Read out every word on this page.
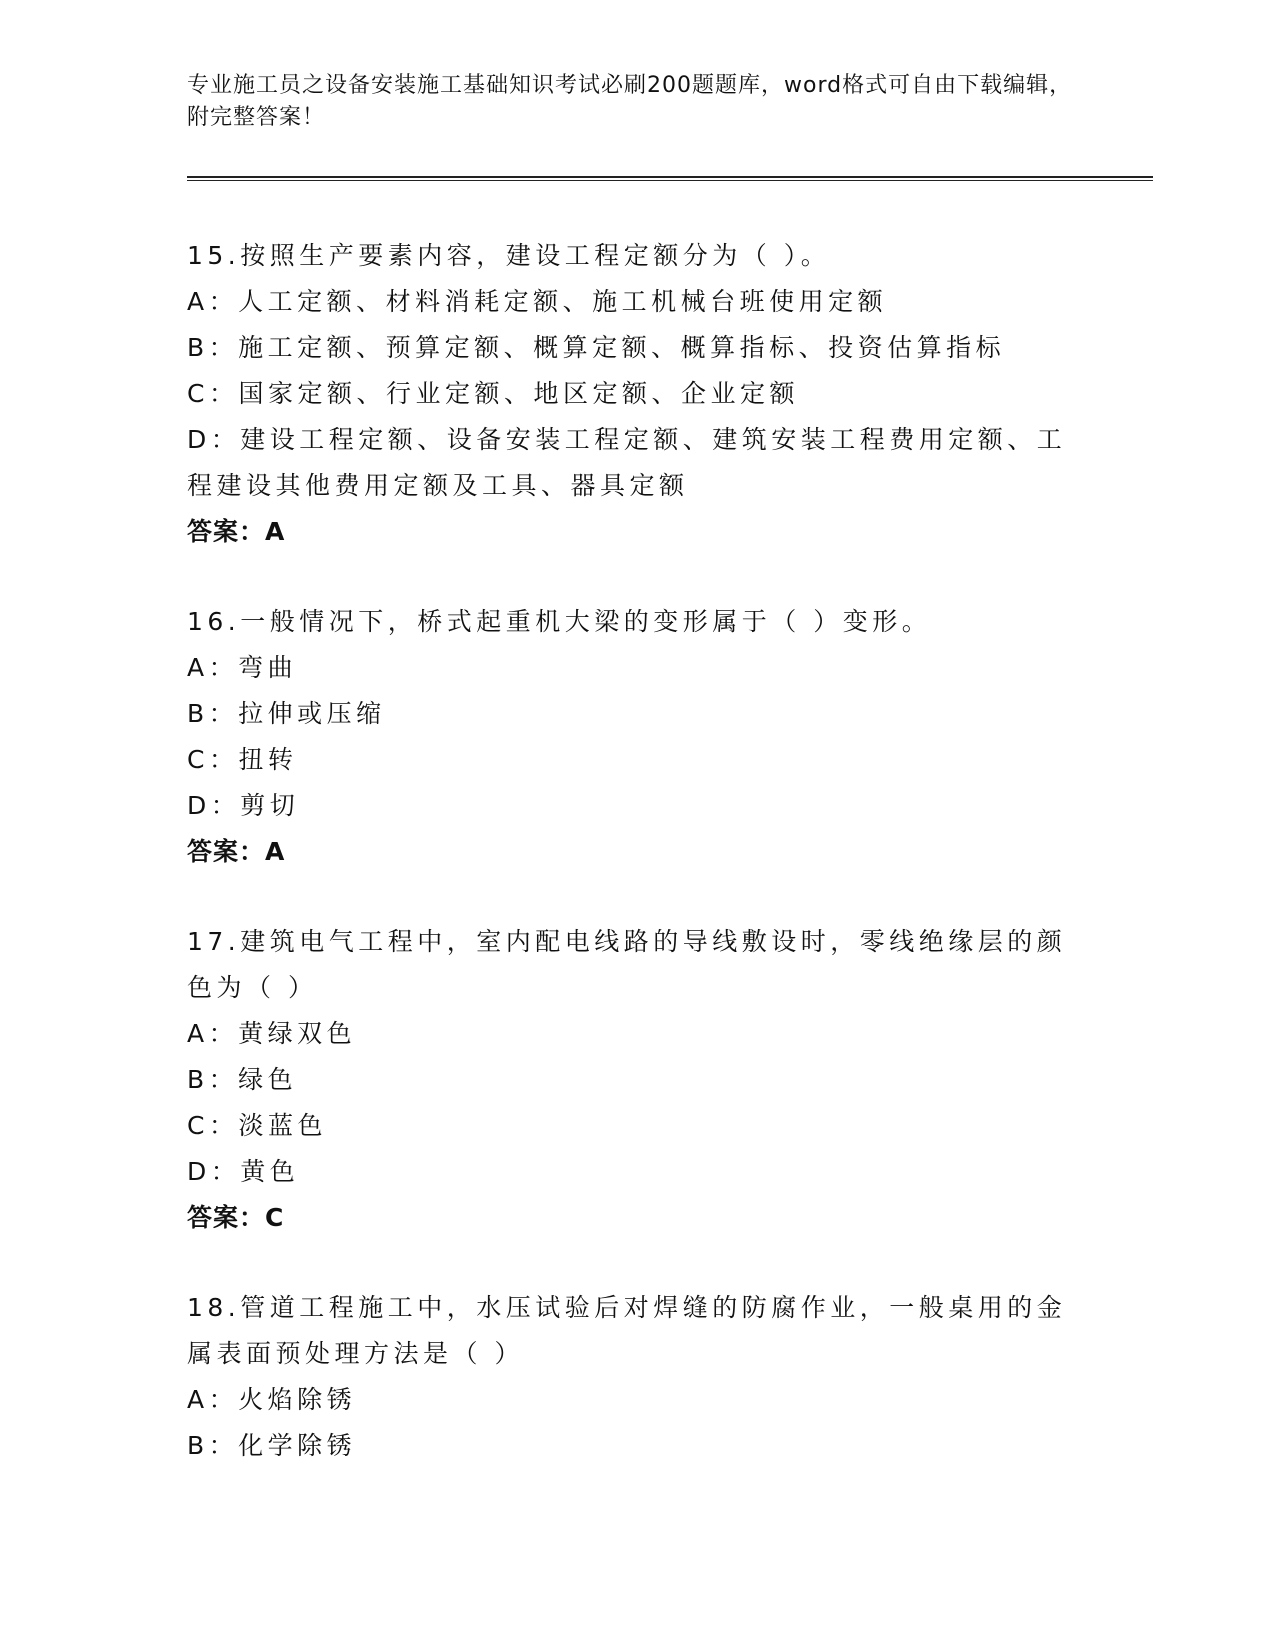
专业施工员之设备安装施工基础知识考试必刷200题题库，word格式可自由下载编辑，附完整答案！
15.按照生产要素内容，建设工程定额分为（ ）。
A：人工定额、材料消耗定额、施工机械台班使用定额
B：施工定额、预算定额、概算定额、概算指标、投资估算指标
C：国家定额、行业定额、地区定额、企业定额
D：建设工程定额、设备安装工程定额、建筑安装工程费用定额、工程建设其他费用定额及工具、器具定额
答案：A
16.一般情况下，桥式起重机大梁的变形属于（ ）变形。
A：弯曲
B：拉伸或压缩
C：扭转
D：剪切
答案：A
17.建筑电气工程中，室内配电线路的导线敷设时，零线绝缘层的颜色为（ ）
A：黄绿双色
B：绿色
C：淡蓝色
D：黄色
答案：C
18.管道工程施工中，水压试验后对焊缝的防腐作业，一般桌用的金属表面预处理方法是（ ）
A：火焰除锈
B：化学除锈
